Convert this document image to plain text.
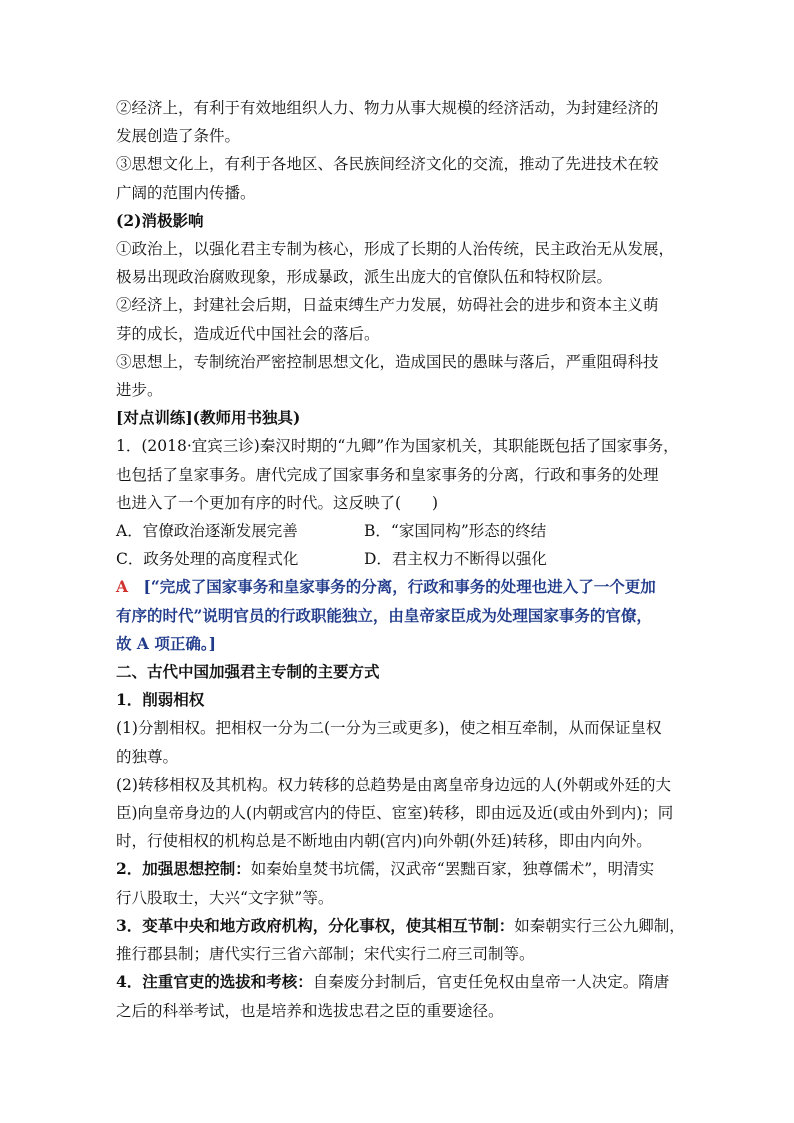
②经济上，有利于有效地组织人力、物力从事大规模的经济活动，为封建经济的

发展创造了条件。

③思想文化上，有利于各地区、各民族间经济文化的交流，推动了先进技术在较

广阔的范围内传播。

(2)消极影响

①政治上，以强化君主专制为核心，形成了长期的人治传统，民主政治无从发展，

极易出现政治腐败现象，形成暴政，派生出庞大的官僚队伍和特权阶层。

②经济上，封建社会后期，日益束缚生产力发展，妨碍社会的进步和资本主义萌

芽的成长，造成近代中国社会的落后。

③思想上，专制统治严密控制思想文化，造成国民的愚昧与落后，严重阻碍科技

进步。

[对点训练](教师用书独具)

1．(2018·宜宾三诊)秦汉时期的“九卿”作为国家机关，其职能既包括了国家事务，

也包括了皇家事务。唐代完成了国家事务和皇家事务的分离，行政和事务的处理

也进入了一个更加有序的时代。这反映了(　　)

A．官僚政治逐渐发展完善	B．“家国同构”形态的终结
C．政务处理的高度程式化	D．君主权力不断得以强化

A　[“完成了国家事务和皇家事务的分离，行政和事务的处理也进入了一个更加

有序的时代”说明官员的行政职能独立，由皇帝家臣成为处理国家事务的官僚，

故 A 项正确。]

二、古代中国加强君主专制的主要方式

1．削弱相权

(1)分割相权。把相权一分为二(一分为三或更多)，使之相互牵制，从而保证皇权

的独尊。

(2)转移相权及其机构。权力转移的总趋势是由离皇帝身边远的人(外朝或外廷的大

臣)向皇帝身边的人(内朝或宫内的侍臣、宦室)转移，即由远及近(或由外到内)；同

时，行使相权的机构总是不断地由内朝(宫内)向外朝(外廷)转移，即由内向外。

2．加强思想控制：如秦始皇焚书坑儒，汉武帝“罢黜百家，独尊儒术”，明清实

行八股取士，大兴“文字狱”等。

3．变革中央和地方政府机构，分化事权，使其相互节制：如秦朝实行三公九卿制，

推行郡县制；唐代实行三省六部制；宋代实行二府三司制等。

4．注重官吏的选拔和考核：自秦废分封制后，官吏任免权由皇帝一人决定。隋唐

之后的科举考试，也是培养和选拔忠君之臣的重要途径。
